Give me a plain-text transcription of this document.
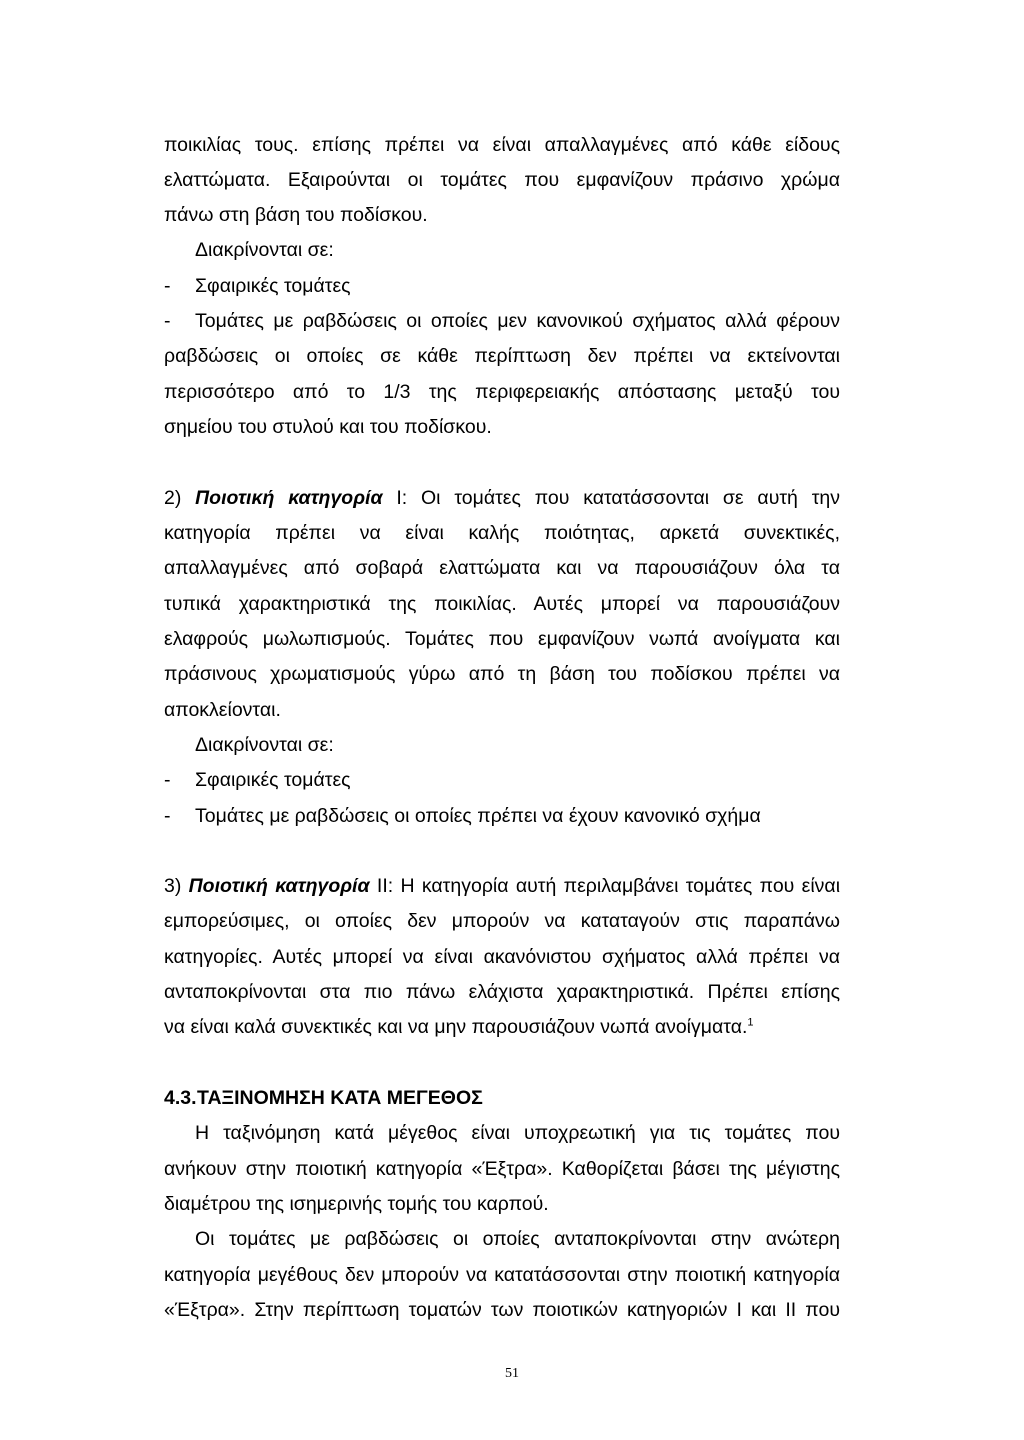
ποικιλίας τους. επίσης πρέπει να είναι απαλλαγμένες από κάθε είδους
ελαττώματα. Εξαιρούνται οι τομάτες που εμφανίζουν πράσινο χρώμα
πάνω στη βάση του ποδίσκου.
Διακρίνονται σε:
- Σφαιρικές τομάτες
- Τομάτες με ραβδώσεις οι οποίες μεν κανονικού σχήματος αλλά φέρουν
ραβδώσεις οι οποίες σε κάθε περίπτωση δεν πρέπει να εκτείνονται
περισσότερο από το 1/3 της περιφερειακής απόστασης μεταξύ του
σημείου του στυλού και του ποδίσκου.
2) Ποιοτική κατηγορία I: Οι τομάτες που κατατάσσονται σε αυτή την
κατηγορία πρέπει να είναι καλής ποιότητας, αρκετά συνεκτικές,
απαλλαγμένες από σοβαρά ελαττώματα και να παρουσιάζουν όλα τα
τυπικά χαρακτηριστικά της ποικιλίας. Αυτές μπορεί να παρουσιάζουν
ελαφρούς μωλωπισμούς. Τομάτες που εμφανίζουν νωπά ανοίγματα και
πράσινους χρωματισμούς γύρω από τη βάση του ποδίσκου πρέπει να
αποκλείονται.
Διακρίνονται σε:
- Σφαιρικές τομάτες
- Τομάτες με ραβδώσεις οι οποίες πρέπει να έχουν κανονικό σχήμα
3) Ποιοτική κατηγορία II: Η κατηγορία αυτή περιλαμβάνει τομάτες που είναι
εμπορεύσιμες, οι οποίες δεν μπορούν να καταταγούν στις παραπάνω
κατηγορίες. Αυτές μπορεί να είναι ακανόνιστου σχήματος αλλά πρέπει να
ανταποκρίνονται στα πιο πάνω ελάχιστα χαρακτηριστικά. Πρέπει επίσης
να είναι καλά συνεκτικές και να μην παρουσιάζουν νωπά ανοίγματα.$^1$
4.3. ΤΑΞΙΝΟΜΗΣΗ ΚΑΤΑ ΜΕΓΕΘΟΣ
Η ταξινόμηση κατά μέγεθος είναι υποχρεωτική για τις τομάτες που
ανήκουν στην ποιοτική κατηγορία «Έξτρα». Καθορίζεται βάσει της μέγιστης
διαμέτρου της ισημερινής τομής του καρπού.
Οι τομάτες με ραβδώσεις οι οποίες ανταποκρίνονται στην ανώτερη
κατηγορία μεγέθους δεν μπορούν να κατατάσσονται στην ποιοτική κατηγορία
«Έξτρα». Στην περίπτωση τοματών των ποιοτικών κατηγοριών I και II που
51
